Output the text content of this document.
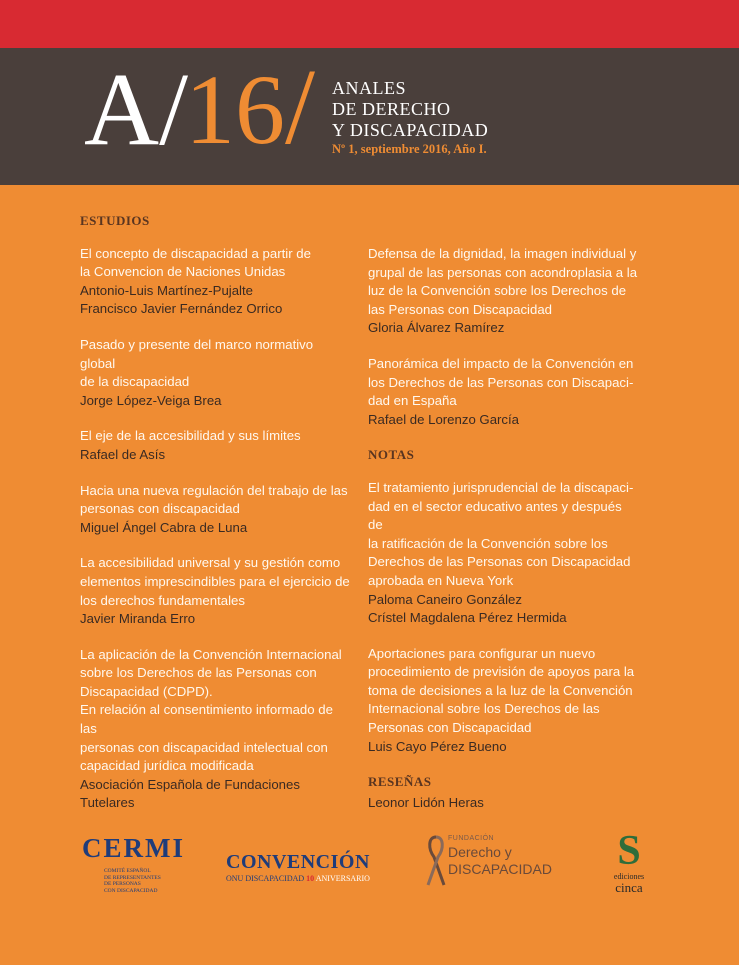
A/
16 / ANALES
DE DERECHO
Y DISCAPACIDAD
Nº 1, septiembre 2016, Año I.
ESTUDIOS
El concepto de discapacidad a partir de
la Convencion de Naciones Unidas
Antonio-Luis Martínez-Pujalte
Francisco Javier Fernández Orrico
Pasado y presente del marco normativo global
de la discapacidad
Jorge López-Veiga Brea
El eje de la accesibilidad y sus límites
Rafael de Asís
Hacia una nueva regulación del trabajo de las
personas con discapacidad
Miguel Ángel Cabra de Luna
La accesibilidad universal y su gestión como
elementos imprescindibles para el ejercicio de
los derechos fundamentales
Javier Miranda Erro
La aplicación de la Convención Internacional
sobre los Derechos de las Personas con
Discapacidad (CDPD).
En relación al consentimiento informado de las
personas con discapacidad intelectual con
capacidad jurídica modificada
Asociación Española de Fundaciones
Tutelares
Defensa de la dignidad, la imagen individual y
grupal de las personas con acondroplasia a la
luz de la Convención sobre los Derechos de
las Personas con Discapacidad
Gloria Álvarez Ramírez
Panorámica del impacto de la Convención en
los Derechos de las Personas con Discapaci-
dad en España
Rafael de Lorenzo García
NOTAS
El tratamiento jurisprudencial de la discapaci-
dad en el sector educativo antes y después de
la ratificación de la Convención sobre los
Derechos de las Personas con Discapacidad
aprobada en Nueva York
Paloma Caneiro González
Crístel Magdalena Pérez Hermida
Aportaciones para configurar un nuevo
procedimiento de previsión de apoyos para la
toma de decisiones a la luz de la Convención
Internacional sobre los Derechos de las
Personas con Discapacidad
Luis Cayo Pérez Bueno
RESEÑAS
Leonor Lidón Heras
CERMI
COMITÉ ESPAÑOL
DE REPRESENTANTES
DE PERSONAS
CON DISCAPACIDAD
CONVENCIÓN
ONU DISCAPACIDAD 10 ANIVERSARIO
FUNDACIÓN
Derecho y
DISCAPACIDAD	S
ediciones
cinca
